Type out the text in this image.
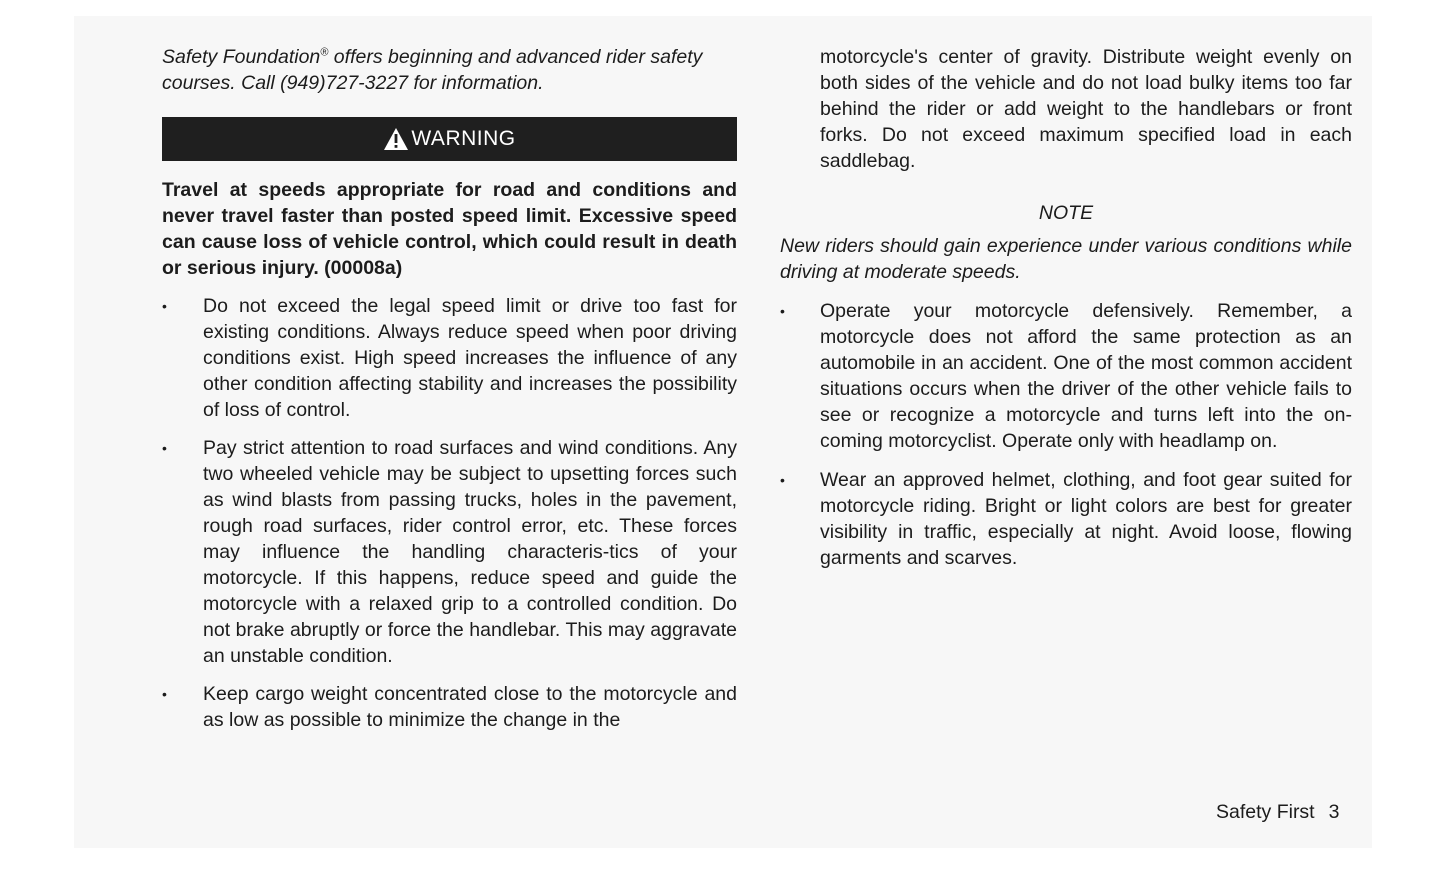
Safety Foundation® offers beginning and advanced rider safety courses. Call (949)727-3227 for information.

WARNING

Travel at speeds appropriate for road and conditions and never travel faster than posted speed limit. Excessive speed can cause loss of vehicle control, which could result in death or serious injury. (00008a)

• Do not exceed the legal speed limit or drive too fast for existing conditions. Always reduce speed when poor driving conditions exist. High speed increases the influence of any other condition affecting stability and increases the possibility of loss of control.
• Pay strict attention to road surfaces and wind conditions. Any two wheeled vehicle may be subject to upsetting forces such as wind blasts from passing trucks, holes in the pavement, rough road surfaces, rider control error, etc. These forces may influence the handling characteris-tics of your motorcycle. If this happens, reduce speed and guide the motorcycle with a relaxed grip to a controlled condition. Do not brake abruptly or force the handlebar. This may aggravate an unstable condition.
• Keep cargo weight concentrated close to the motorcycle and as low as possible to minimize the change in the

motorcycle's center of gravity. Distribute weight evenly on both sides of the vehicle and do not load bulky items too far behind the rider or add weight to the handlebars or front forks. Do not exceed maximum specified load in each saddlebag.

NOTE

New riders should gain experience under various conditions while driving at moderate speeds.

• Operate your motorcycle defensively. Remember, a motorcycle does not afford the same protection as an automobile in an accident. One of the most common accident situations occurs when the driver of the other vehicle fails to see or recognize a motorcycle and turns left into the on-coming motorcyclist. Operate only with headlamp on.
• Wear an approved helmet, clothing, and foot gear suited for motorcycle riding. Bright or light colors are best for greater visibility in traffic, especially at night. Avoid loose, flowing garments and scarves.
Safety First 3
